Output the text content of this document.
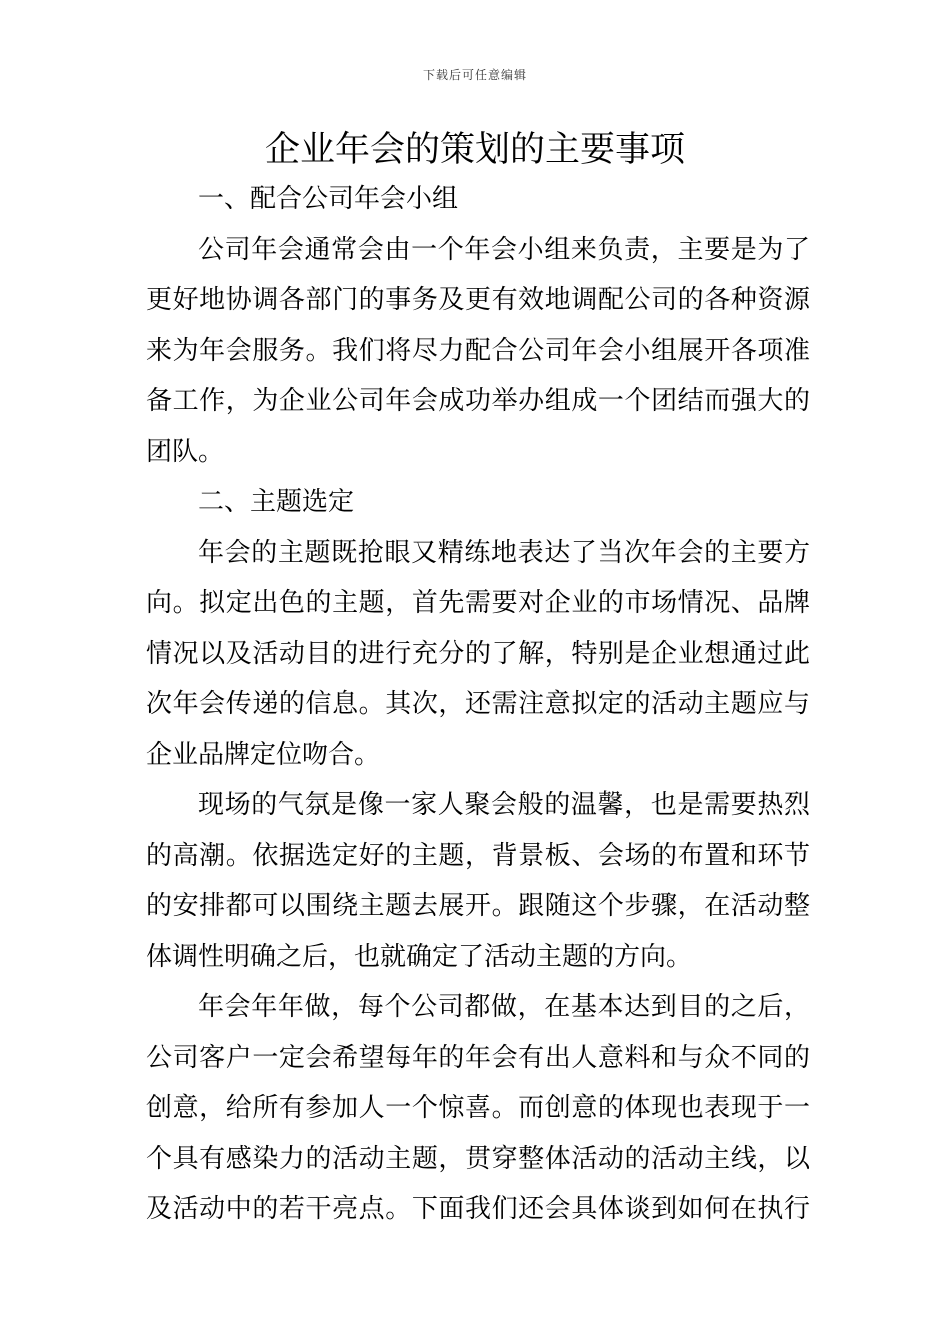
下载后可任意编辑
企业年会的策划的主要事项
一、配合公司年会小组
公司年会通常会由一个年会小组来负责，主要是为了
更好地协调各部门的事务及更有效地调配公司的各种资源
来为年会服务。我们将尽力配合公司年会小组展开各项准
备工作，为企业公司年会成功举办组成一个团结而强大的
团队。
二、主题选定
年会的主题既抢眼又精练地表达了当次年会的主要方
向。拟定出色的主题，首先需要对企业的市场情况、品牌
情况以及活动目的进行充分的了解，特别是企业想通过此
次年会传递的信息。其次，还需注意拟定的活动主题应与
企业品牌定位吻合。
现场的气氛是像一家人聚会般的温馨，也是需要热烈
的高潮。依据选定好的主题，背景板、会场的布置和环节
的安排都可以围绕主题去展开。跟随这个步骤，在活动整
体调性明确之后，也就确定了活动主题的方向。
年会年年做，每个公司都做，在基本达到目的之后，
公司客户一定会希望每年的年会有出人意料和与众不同的
创意，给所有参加人一个惊喜。而创意的体现也表现于一
个具有感染力的活动主题，贯穿整体活动的活动主线，以
及活动中的若干亮点。下面我们还会具体谈到如何在执行
